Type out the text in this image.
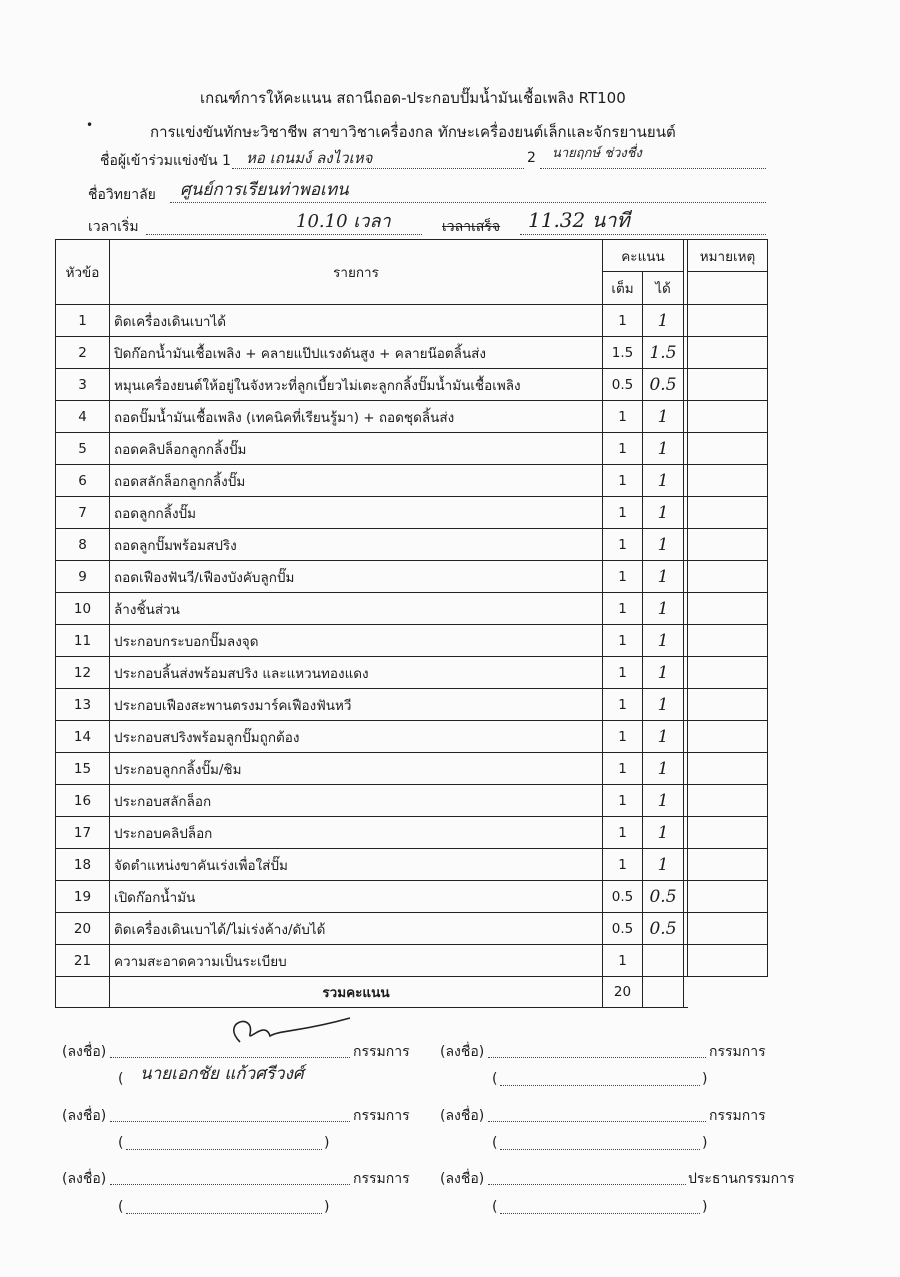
เกณฑ์การให้คะแนน สถานีถอด-ประกอบปั๊มน้ำมันเชื้อเพลิง RT100
•	การแข่งขันทักษะวิชาชีพ สาขาวิชาเครื่องกล ทักษะเครื่องยนต์เล็กและจักรยานยนต์
ชื่อผู้เข้าร่วมแข่งขัน 1 หอ เถนมง์ ลงไวเหจ	2 นายฤกษ์ ช่วงชื่ง
ชื่อวิทยาลัย ศูนย์การเรียนท่าพอเทน
เวลาเริ่ม	10.10 เวลา	เวลาเสร็จ 11.32 นาที
หัวข้อ	รายการ	คะแนน			หมายเหตุ
		เต็ม	ได้		
1	ติดเครื่องเดินเบาได้	1	1		
2	ปิดก๊อกน้ำมันเชื้อเพลิง + คลายแป๊ปแรงดันสูง + คลายน๊อตลิ้นส่ง	1.5	1.5		
3	หมุนเครื่องยนต์ให้อยู่ในจังหวะที่ลูกเบี้ยวไม่เตะลูกกลิ้งปั๊มน้ำมันเชื้อเพลิง	0.5	0.5		
4	ถอดปั๊มน้ำมันเชื้อเพลิง (เทคนิคที่เรียนรู้มา) + ถอดชุดลิ้นส่ง	1	1		
5	ถอดคลิปล็อกลูกกลิ้งปั๊ม	1	1		
6	ถอดสลักล็อกลูกกลิ้งปั๊ม	1	1		
7	ถอดลูกกลิ้งปั๊ม	1	1		
8	ถอดลูกปั๊มพร้อมสปริง	1	1		
9	ถอดเฟืองฟันวี/เฟืองบังคับลูกปั๊ม	1	1		
10	ล้างชิ้นส่วน	1	1		
11	ประกอบกระบอกปั๊มลงจุด	1	1		
12	ประกอบลิ้นส่งพร้อมสปริง และแหวนทองแดง	1	1		
13	ประกอบเฟืองสะพานตรงมาร์คเฟืองฟันหวี	1	1		
14	ประกอบสปริงพร้อมลูกปั๊มถูกต้อง	1	1		
15	ประกอบลูกกลิ้งปั๊ม/ชิม	1	1		
16	ประกอบสลักล็อก	1	1		
17	ประกอบคลิปล็อก	1	1		
18	จัดตำแหน่งขาคันเร่งเพื่อใส่ปั๊ม	1	1		
19	เปิดก๊อกน้ำมัน	0.5	0.5		
20	ติดเครื่องเดินเบาได้/ไม่เร่งค้าง/ดับได้	0.5	0.5		
21	ความสะอาดความเป็นระเบียบ	1			
	รวมคะแนน	20			
(ลงชื่อ)	กรรมการ
( นายเอกชัย แก้วศรีวงศ์
(ลงชื่อ)	กรรมการ
(	)
(ลงชื่อ)	กรรมการ
(	)
(ลงชื่อ)	กรรมการ
(	)
(ลงชื่อ)	กรรมการ
(	)
(ลงชื่อ)	ประธานกรรมการ
(	)
